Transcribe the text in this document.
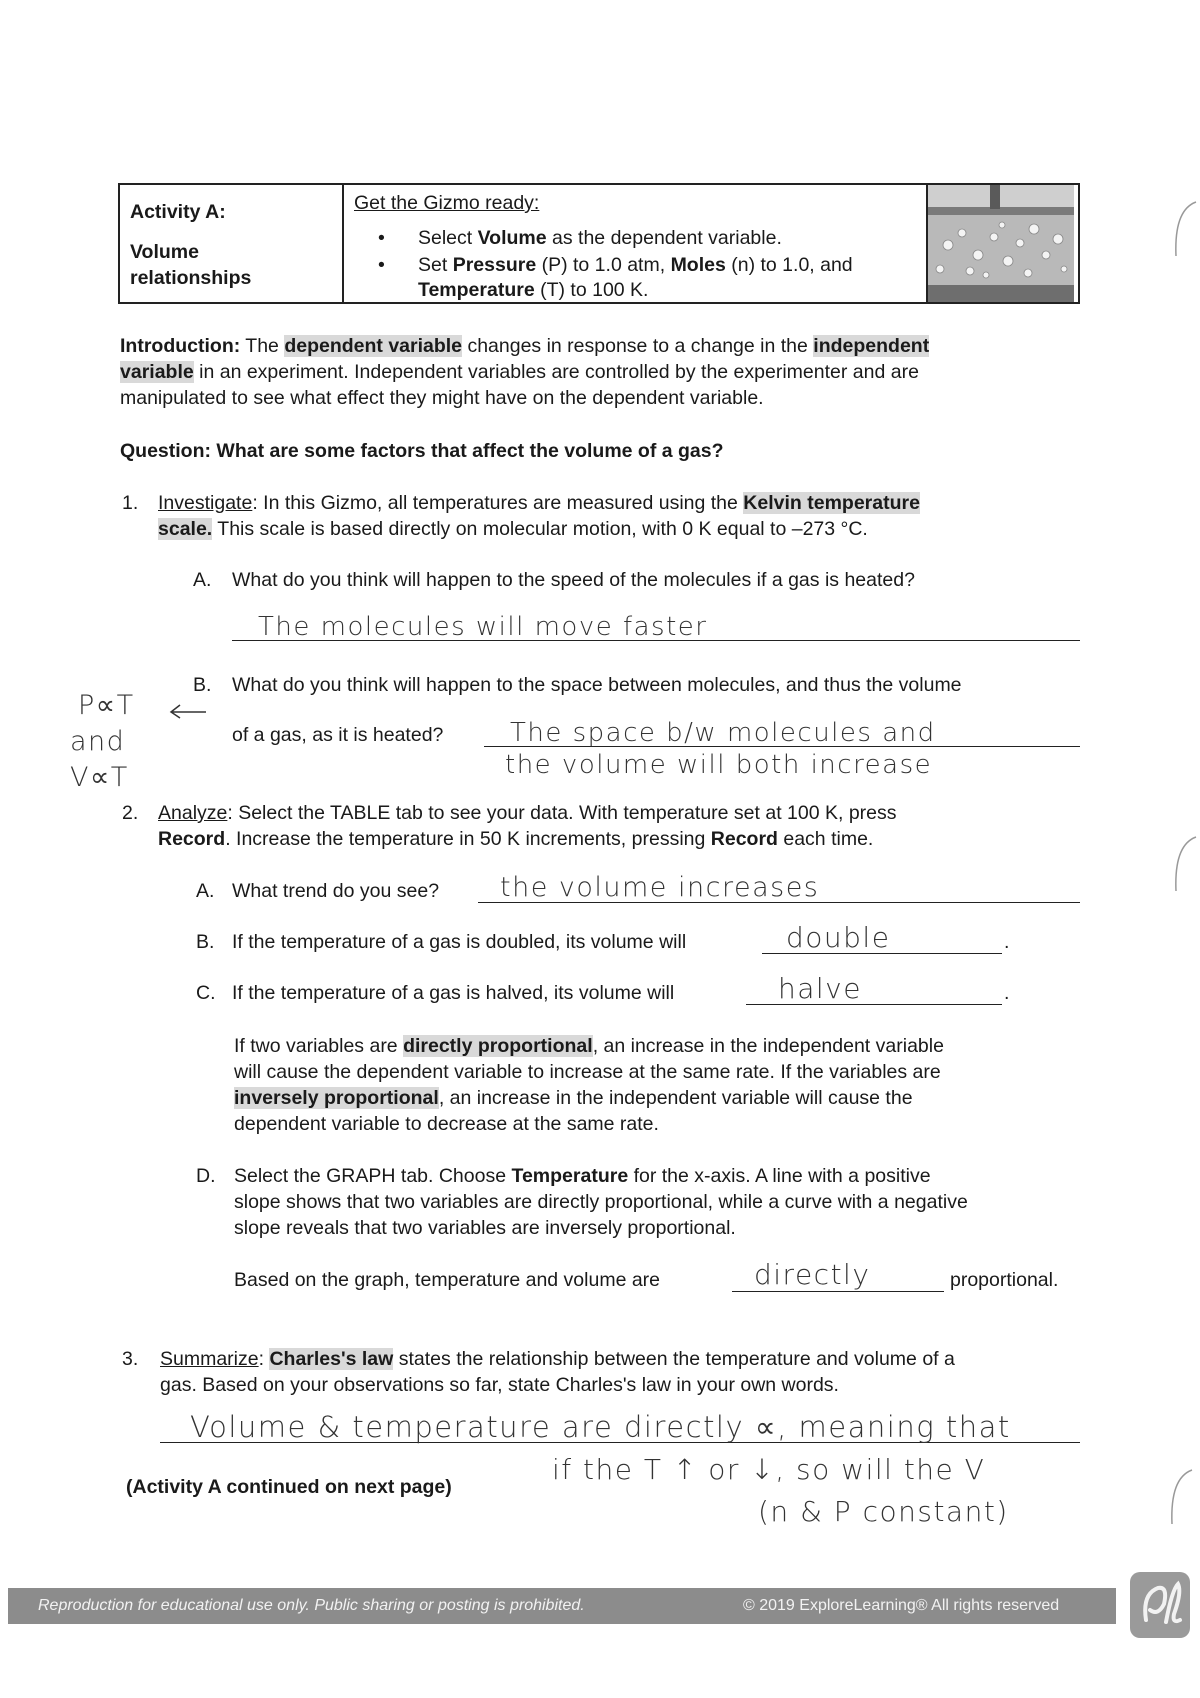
Activity A:
Volume
relationships
Get the Gizmo ready:
• Select Volume as the dependent variable.
• Set Pressure (P) to 1.0 atm, Moles (n) to 1.0, and
Temperature (T) to 100 K.
Introduction: The dependent variable changes in response to a change in the independent
variable in an experiment. Independent variables are controlled by the experimenter and are
manipulated to see what effect they might have on the dependent variable.
Question: What are some factors that affect the volume of a gas?
1. Investigate: In this Gizmo, all temperatures are measured using the Kelvin temperature
scale. This scale is based directly on molecular motion, with 0 K equal to –273 °C.
A. What do you think will happen to the speed of the molecules if a gas is heated?
The molecules will move faster
B. What do you think will happen to the space between molecules, and thus the volume
of a gas, as it is heated?	The space b/w molecules and
the volume will both increase
P∝T
and
V∝T
2. Analyze: Select the TABLE tab to see your data. With temperature set at 100 K, press
Record. Increase the temperature in 50 K increments, pressing Record each time.
A. What trend do you see? the volume increases
B. If the temperature of a gas is doubled, its volume will	.
double
C. If the temperature of a gas is halved, its volume will	.
halve
If two variables are directly proportional, an increase in the independent variable
will cause the dependent variable to increase at the same rate. If the variables are
inversely proportional, an increase in the independent variable will cause the
dependent variable to decrease at the same rate.
D. Select the GRAPH tab. Choose Temperature for the x-axis. A line with a positive
slope shows that two variables are directly proportional, while a curve with a negative
slope reveals that two variables are inversely proportional.
Based on the graph, temperature and volume are	proportional.
directly
3. Summarize: Charles's law states the relationship between the temperature and volume of a
gas. Based on your observations so far, state Charles's law in your own words.
Volume & temperature are directly ∝, meaning that
if the T ↑ or ↓, so will the V
(n & P constant)
(Activity A continued on next page)
Reproduction for educational use only. Public sharing or posting is prohibited.	© 2019 ExploreLearning® All rights reserved
